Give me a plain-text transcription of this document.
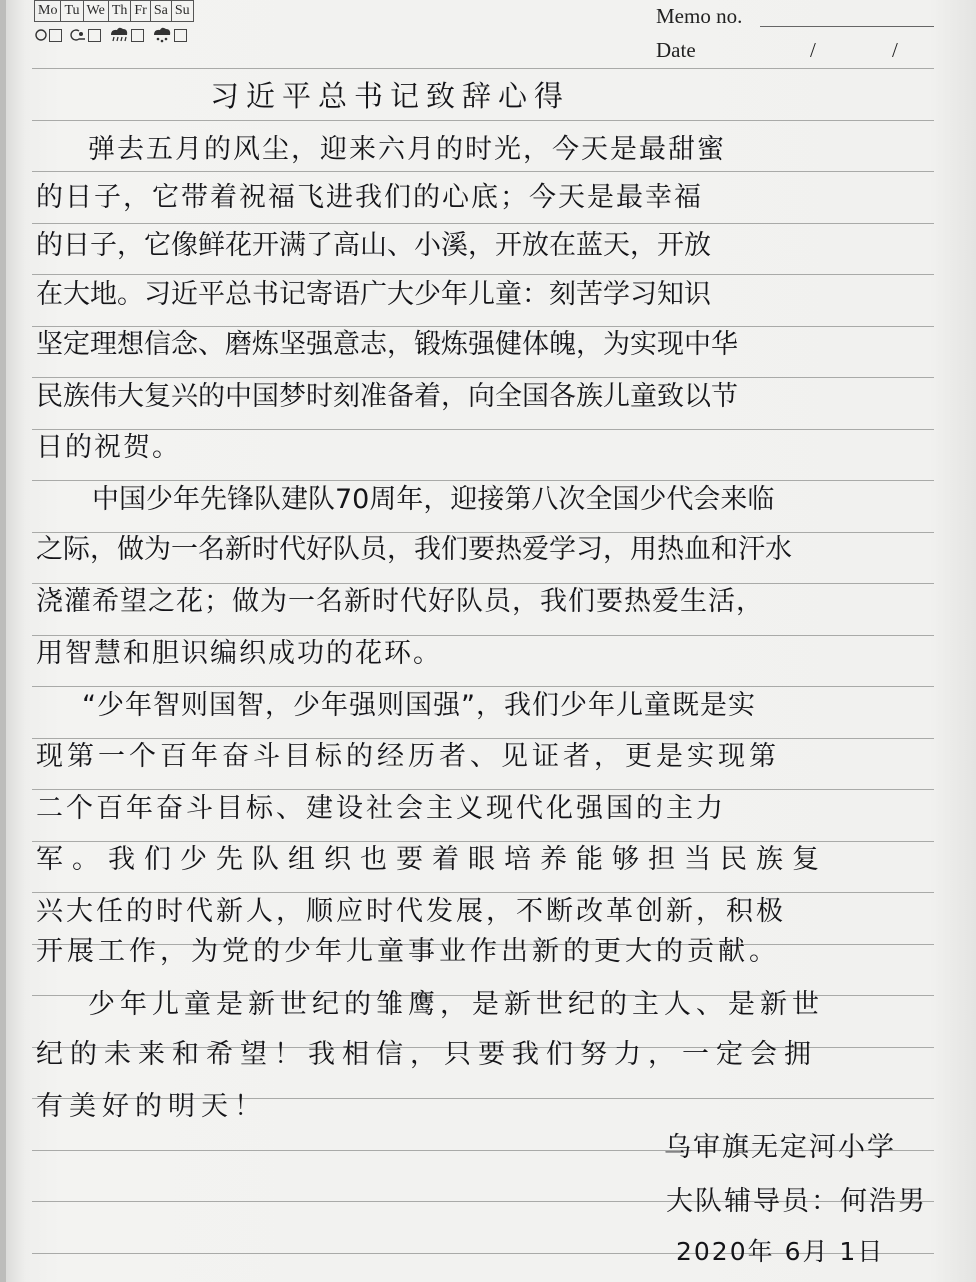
Mo	Tu	We	Th	Fr	Sa	Su	Memo no.
Date	/	/
习近平总书记致辞心得
弹去五月的风尘，迎来六月的时光，今天是最甜蜜
的日子，它带着祝福飞进我们的心底；今天是最幸福
的日子，它像鲜花开满了高山、小溪，开放在蓝天，开放
在大地。习近平总书记寄语广大少年儿童：刻苦学习知识
坚定理想信念、磨炼坚强意志，锻炼强健体魄，为实现中华
民族伟大复兴的中国梦时刻准备着，向全国各族儿童致以节
日的祝贺。
中国少年先锋队建队70周年，迎接第八次全国少代会来临
之际，做为一名新时代好队员，我们要热爱学习，用热血和汗水
浇灌希望之花；做为一名新时代好队员，我们要热爱生活，
用智慧和胆识编织成功的花环。
“少年智则国智，少年强则国强”，我们少年儿童既是实
现第一个百年奋斗目标的经历者、见证者，更是实现第
二个百年奋斗目标、建设社会主义现代化强国的主力
军。我们少先队组织也要着眼培养能够担当民族复
兴大任的时代新人，顺应时代发展，不断改革创新，积极
开展工作，为党的少年儿童事业作出新的更大的贡献。
少年儿童是新世纪的雏鹰，是新世纪的主人、是新世
纪的未来和希望！我相信，只要我们努力，一定会拥
有美好的明天！
乌审旗无定河小学
大队辅导员：何浩男
2020年 6月 1日
